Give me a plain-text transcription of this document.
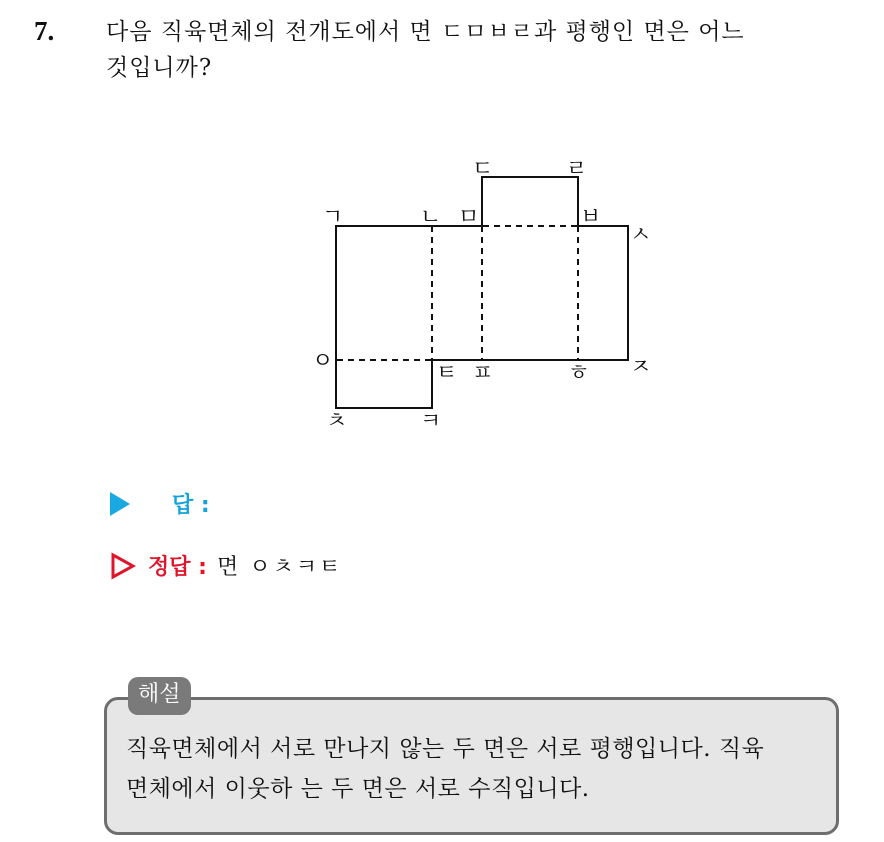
7. 다음 직육면체의 전개도에서 면 ㄷㅁㅂㄹ과 평행인 면은 어느
것입니까?
ㄱ	ㄴ ㅁ
ㄷ	ㄹ
ㅂ
ㅅ
ㅇ	ㅈ
ㅊ	ㅋ
ㅌ ㅍ	ㅎ
답 :
정답 : 면 ㅇㅊㅋㅌ
해설
직육면체에서 서로 만나지 않는 두 면은 서로 평행입니다. 직육
면체에서 이웃하 는 두 면은 서로 수직입니다.
